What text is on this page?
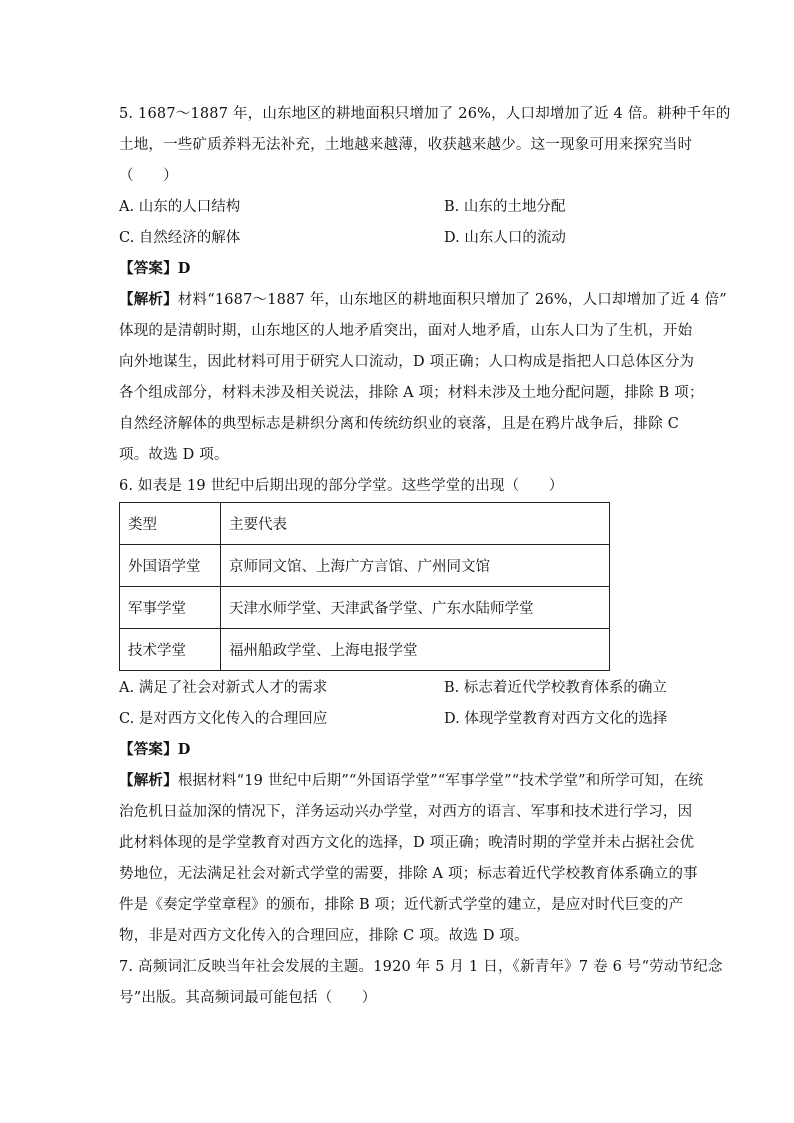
5. 1687～1887 年，山东地区的耕地面积只增加了 26%，人口却增加了近 4 倍。耕种千年的
土地，一些矿质养料无法补充，土地越来越薄，收获越来越少。这一现象可用来探究当时
（　　）
A. 山东的人口结构	B. 山东的土地分配
C. 自然经济的解体	D. 山东人口的流动
【答案】D
【解析】材料“1687～1887 年，山东地区的耕地面积只增加了 26%，人口却增加了近 4 倍”
体现的是清朝时期，山东地区的人地矛盾突出，面对人地矛盾，山东人口为了生机，开始
向外地谋生，因此材料可用于研究人口流动，D 项正确；人口构成是指把人口总体区分为
各个组成部分，材料未涉及相关说法，排除 A 项；材料未涉及土地分配问题，排除 B 项；
自然经济解体的典型标志是耕织分离和传统纺织业的衰落，且是在鸦片战争后，排除 C
项。故选 D 项。
6. 如表是 19 世纪中后期出现的部分学堂。这些学堂的出现（　　）
类型	主要代表
外国语学堂	京师同文馆、上海广方言馆、广州同文馆
军事学堂	天津水师学堂、天津武备学堂、广东水陆师学堂
技术学堂	福州船政学堂、上海电报学堂
A. 满足了社会对新式人才的需求	B. 标志着近代学校教育体系的确立
C. 是对西方文化传入的合理回应	D. 体现学堂教育对西方文化的选择
【答案】D
【解析】根据材料“19 世纪中后期”“外国语学堂”“军事学堂”“技术学堂”和所学可知，在统
治危机日益加深的情况下，洋务运动兴办学堂，对西方的语言、军事和技术进行学习，因
此材料体现的是学堂教育对西方文化的选择，D 项正确；晚清时期的学堂并未占据社会优
势地位，无法满足社会对新式学堂的需要，排除 A 项；标志着近代学校教育体系确立的事
件是《奏定学堂章程》的颁布，排除 B 项；近代新式学堂的建立，是应对时代巨变的产
物，非是对西方文化传入的合理回应，排除 C 项。故选 D 项。
7. 高频词汇反映当年社会发展的主题。1920 年 5 月 1 日，《新青年》7 卷 6 号“劳动节纪念
号”出版。其高频词最可能包括（　　）
